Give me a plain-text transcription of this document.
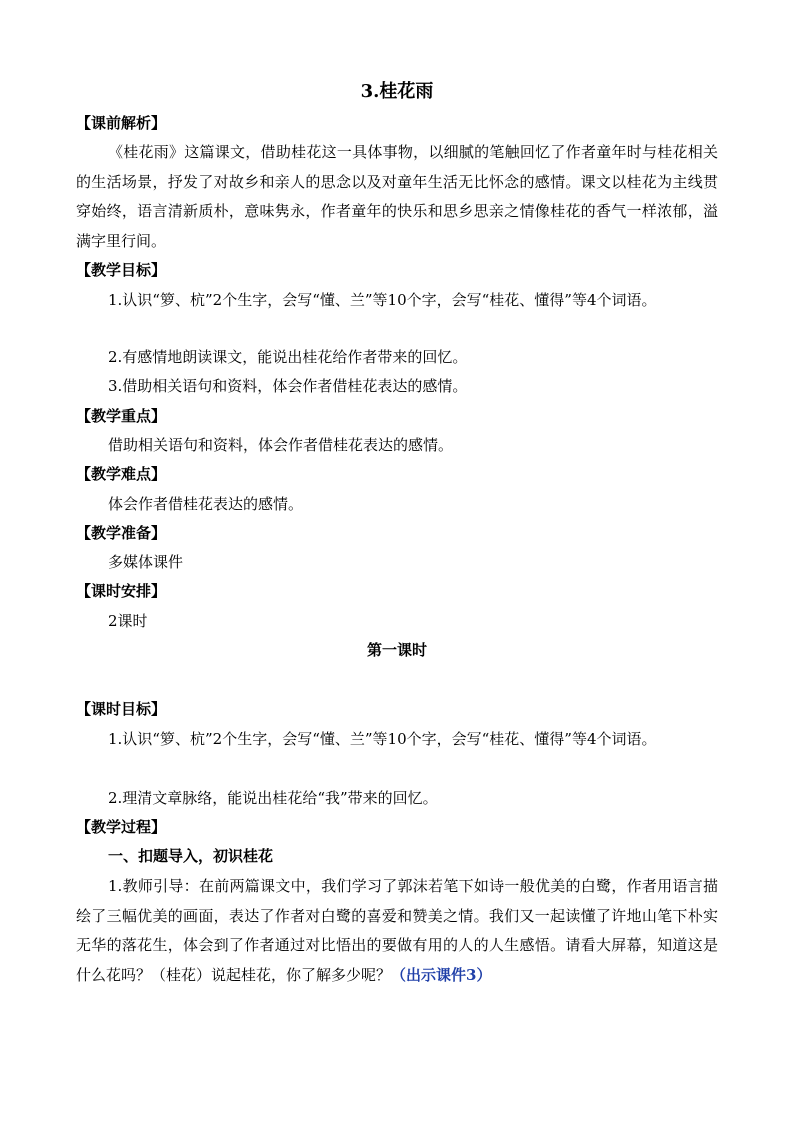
3.桂花雨
【课前解析】
《桂花雨》这篇课文，借助桂花这一具体事物，以细腻的笔触回忆了作者童年时与桂花相关的生活场景，抒发了对故乡和亲人的思念以及对童年生活无比怀念的感情。课文以桂花为主线贯穿始终，语言清新质朴，意味隽永，作者童年的快乐和思乡思亲之情像桂花的香气一样浓郁，溢满字里行间。
【教学目标】
1.认识“箩、杭”2个生字，会写“懂、兰”等10个字，会写“桂花、懂得”等4个词语。
2.有感情地朗读课文，能说出桂花给作者带来的回忆。
3.借助相关语句和资料，体会作者借桂花表达的感情。
【教学重点】
借助相关语句和资料，体会作者借桂花表达的感情。
【教学难点】
体会作者借桂花表达的感情。
【教学准备】
多媒体课件
【课时安排】
2课时
第一课时
【课时目标】
1.认识“箩、杭”2个生字，会写“懂、兰”等10个字，会写“桂花、懂得”等4个词语。
2.理清文章脉络，能说出桂花给“我”带来的回忆。
【教学过程】
一、扣题导入，初识桂花
1.教师引导：在前两篇课文中，我们学习了郭沫若笔下如诗一般优美的白鹭，作者用语言描绘了三幅优美的画面，表达了作者对白鹭的喜爱和赞美之情。我们又一起读懂了许地山笔下朴实无华的落花生，体会到了作者通过对比悟出的要做有用的人的人生感悟。请看大屏幕，知道这是什么花吗？（桂花）说起桂花，你了解多少呢？（出示课件3）
